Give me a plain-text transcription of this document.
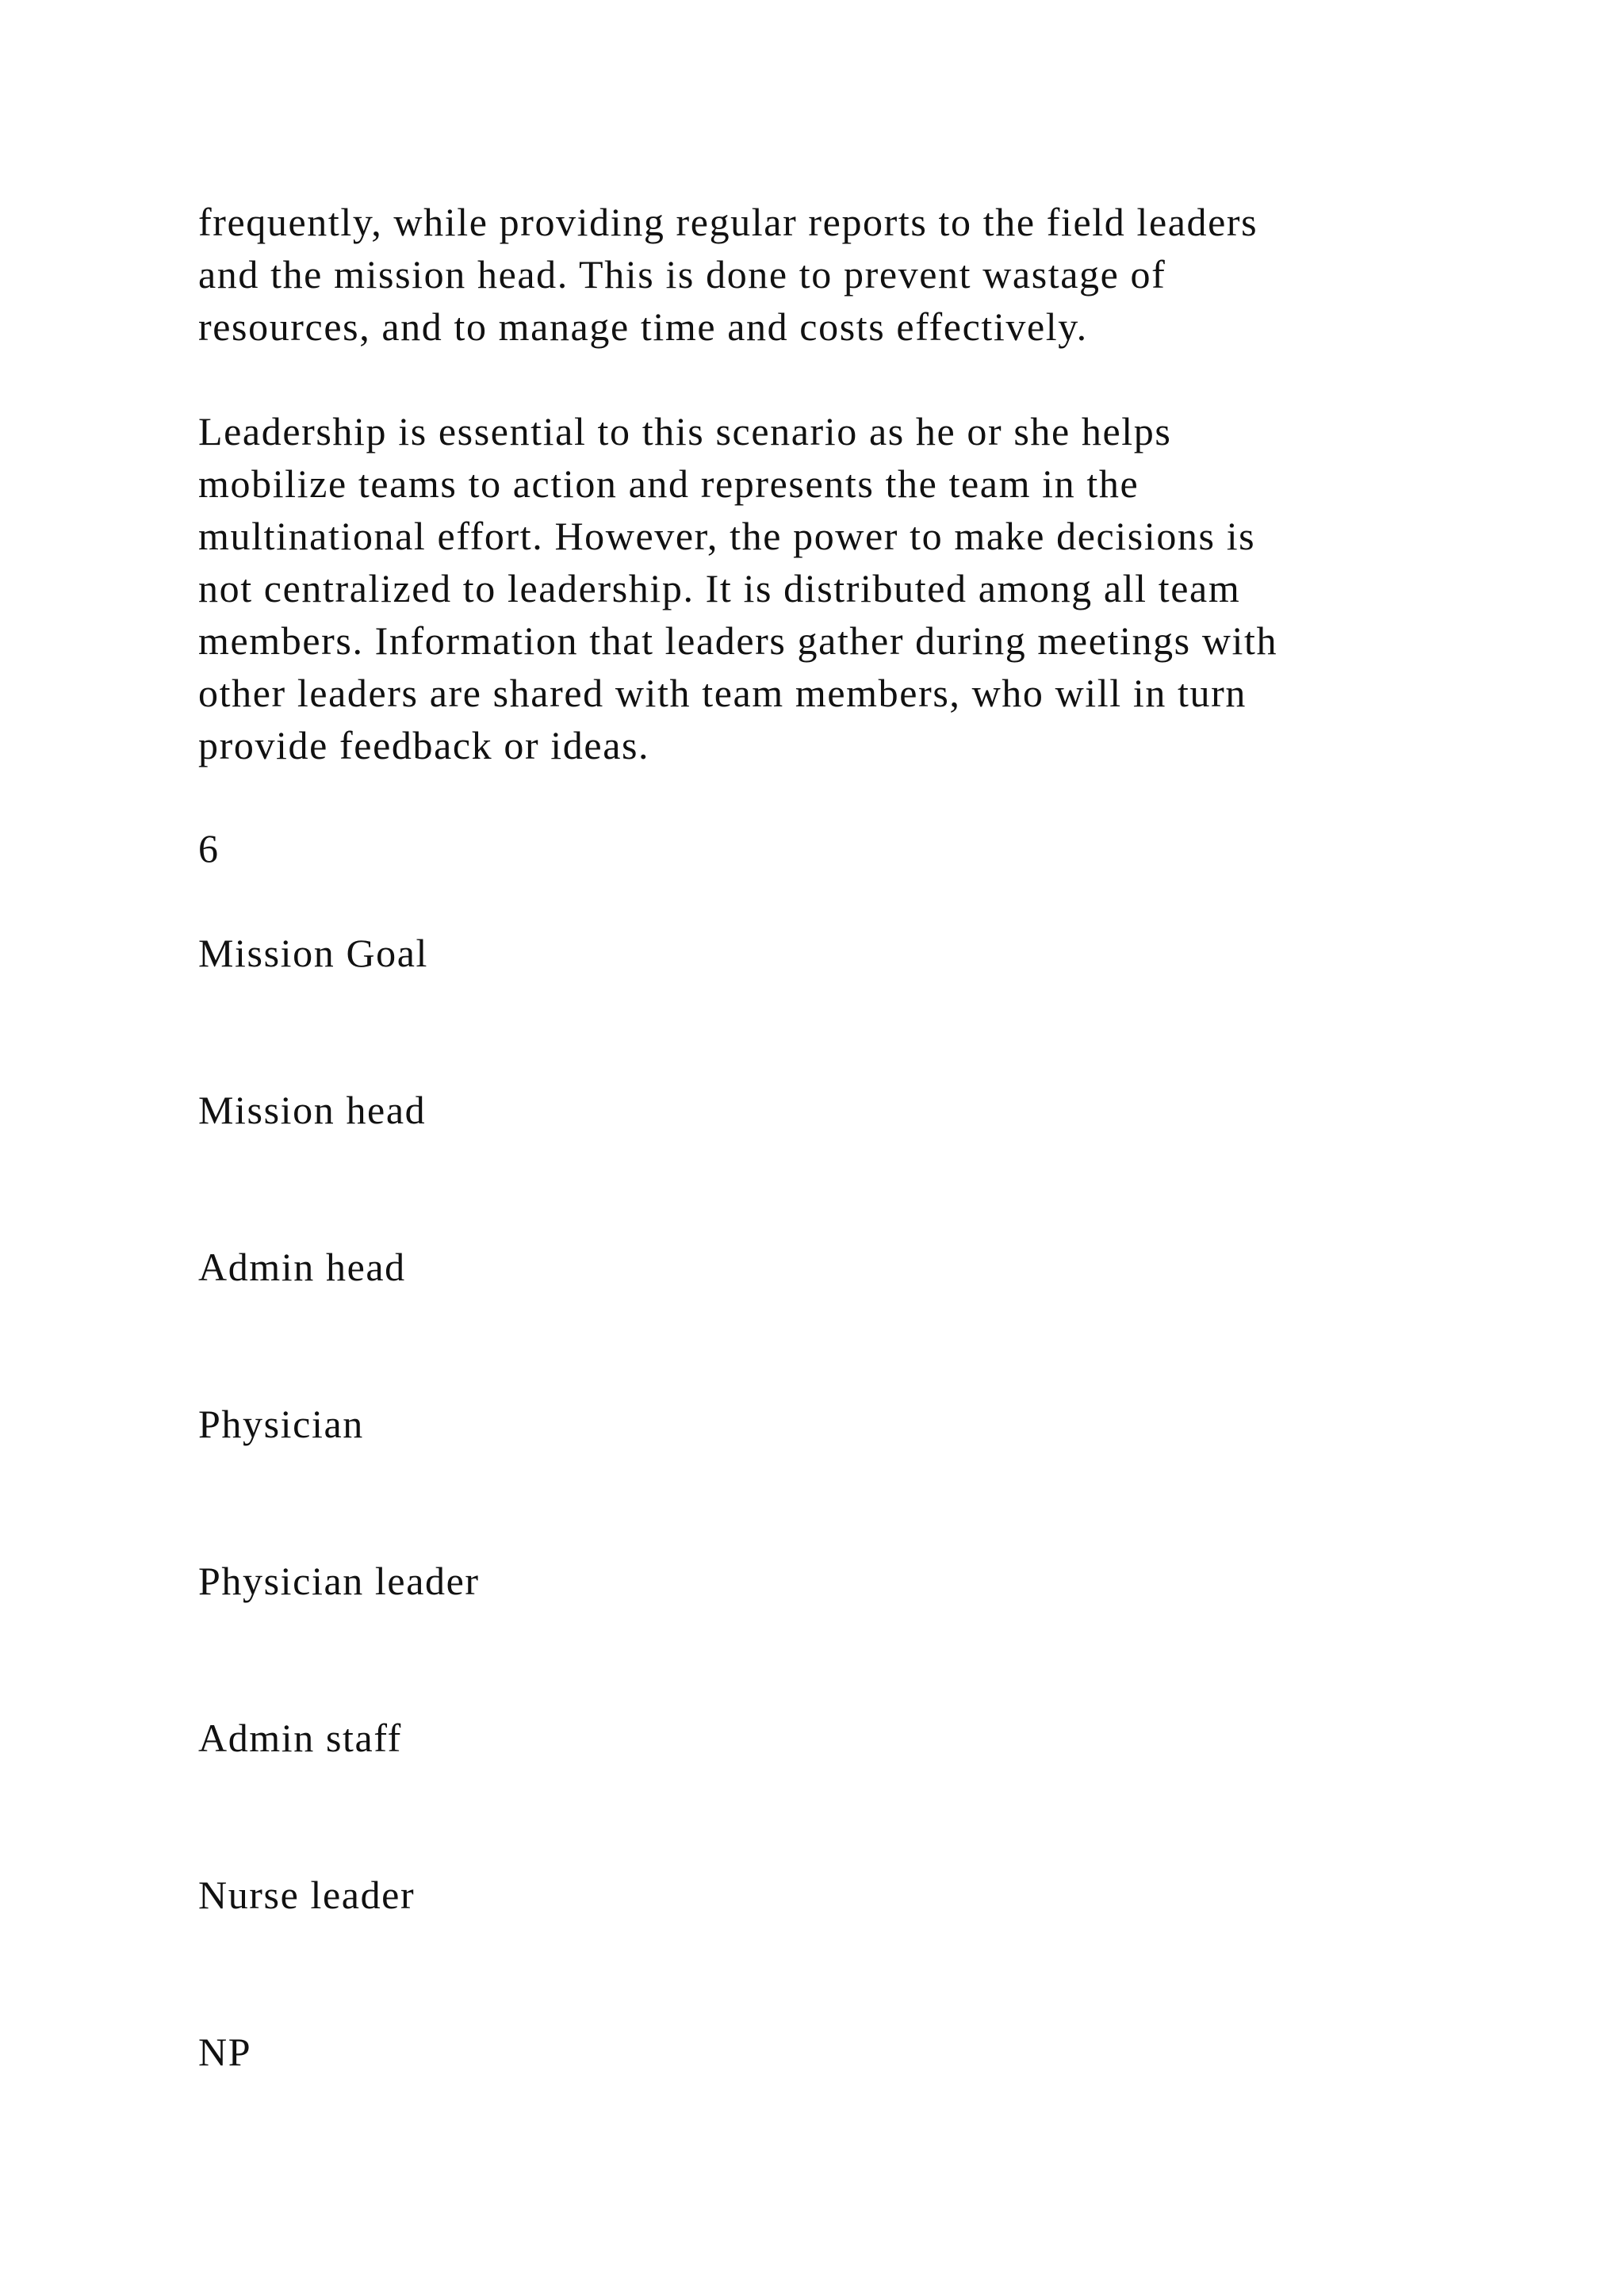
frequently, while providing regular reports to the field leaders
and the mission head. This is done to prevent wastage of
resources, and to manage time and costs effectively.

Leadership is essential to this scenario as he or she helps
mobilize teams to action and represents the team in the
multinational effort. However, the power to make decisions is
not centralized to leadership. It is distributed among all team
members. Information that leaders gather during meetings with
other leaders are shared with team members, who will in turn
provide feedback or ideas.

6

Mission Goal

Mission head

Admin head

Physician

Physician leader

Admin staff

Nurse leader

NP
